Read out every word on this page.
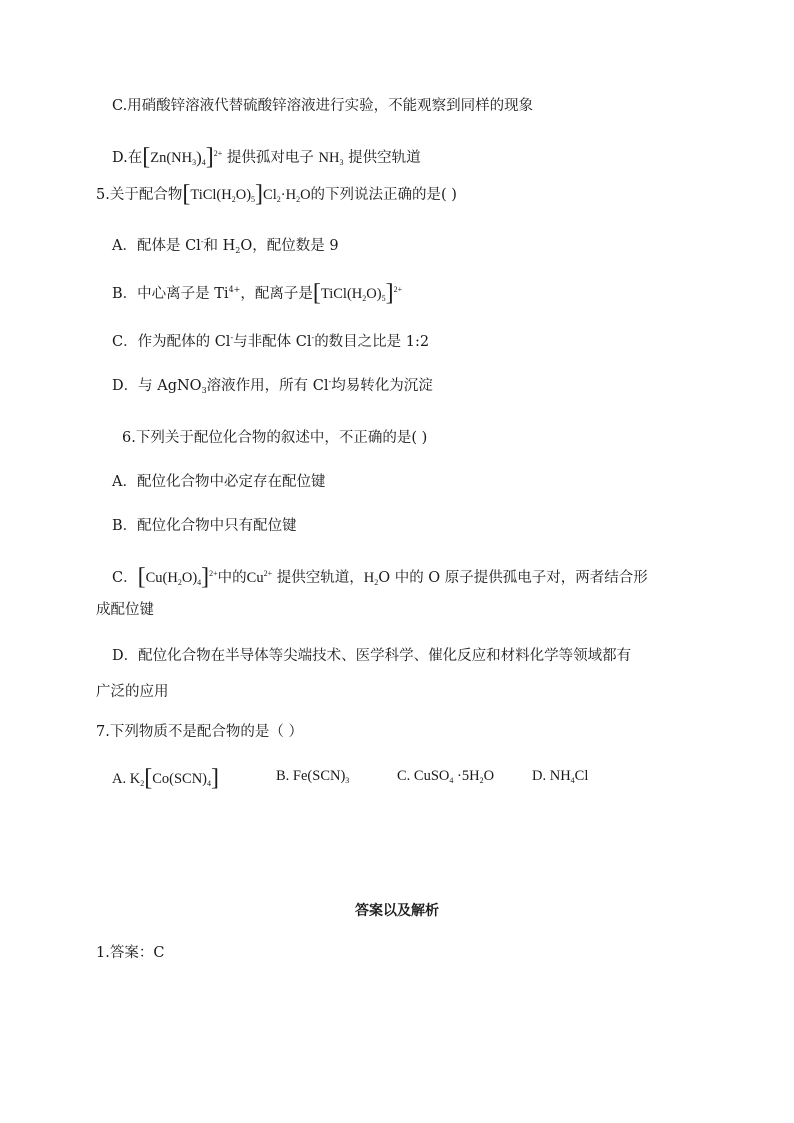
C.用硝酸锌溶液代替硫酸锌溶液进行实验，不能观察到同样的现象
D.在$[Zn(NH_3)_4]^{2+}$ 提供孤对电子 $NH_3$ 提供空轨道
5.关于配合物$[TiCl(H_2O)_5]Cl_2\cdot H_2O$的下列说法正确的是( )
A．配体是 Cl-和 $H_2O$，配位数是 9
B．中心离子是 $Ti^{4+}$，配离子是$[TiCl(H_2O)_5]^{2+}$
C．作为配体的 Cl-与非配体 Cl-的数目之比是 1:2
D．与 AgNO$_3$溶液作用，所有 Cl-均易转化为沉淀
6.下列关于配位化合物的叙述中，不正确的是( )
A．配位化合物中必定存在配位键
B．配位化合物中只有配位键
C．$[Cu(H_2O)_4]^{2+}$中的$Cu^{2+}$ 提供空轨道，$H_2O$ 中的 O 原子提供孤电子对，两者结合形
成配位键
D．配位化合物在半导体等尖端技术、医学科学、催化反应和材料化学等领域都有
广泛的应用
7.下列物质不是配合物的是（ ）
A. $K_2[Co(SCN)_4]$	B. $Fe(SCN)_3$	C. CuSO$_4$ $\cdot 5H_2O$	D. $NH_4Cl$
答案以及解析
1.答案：C
